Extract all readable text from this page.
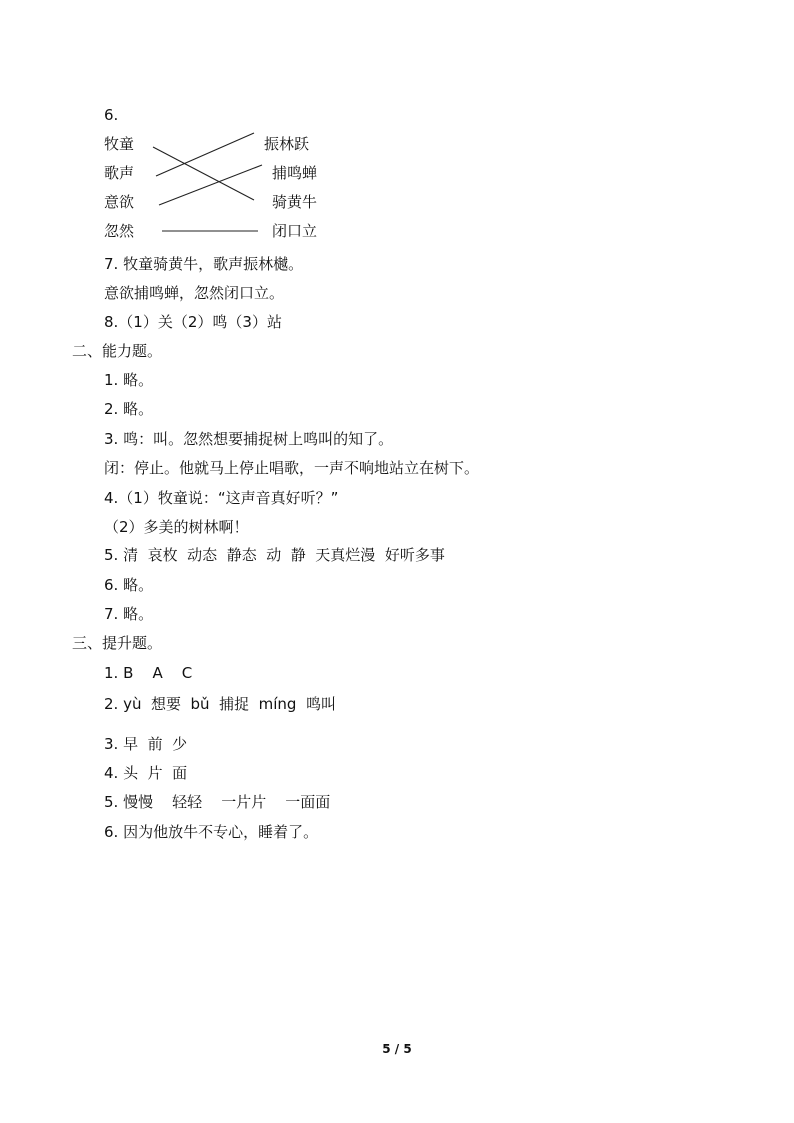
6.
牧童
歌声
意欲
忽然
振林跃
捕鸣蝉
骑黄牛
闭口立
7. 牧童骑黄牛，歌声振林樾。
意欲捕鸣蝉，忽然闭口立。
8.（1）关（2）鸣（3）站
二、能力题。
1. 略。
2. 略。
3. 鸣：叫。忽然想要捕捉树上鸣叫的知了。
闭：停止。他就马上停止唱歌，一声不响地站立在树下。
4.（1）牧童说：“这声音真好听？”
（2）多美的树林啊！
5. 清  哀枚  动态  静态  动  静  天真烂漫  好听多事
6. 略。
7. 略。
三、提升题。
1. B    A    C
2. yù  想要  bǔ  捕捉  míng  鸣叫
3. 早  前  少
4. 头  片  面
5. 慢慢    轻轻    一片片    一面面
6. 因为他放牛不专心，睡着了。
5 / 5
